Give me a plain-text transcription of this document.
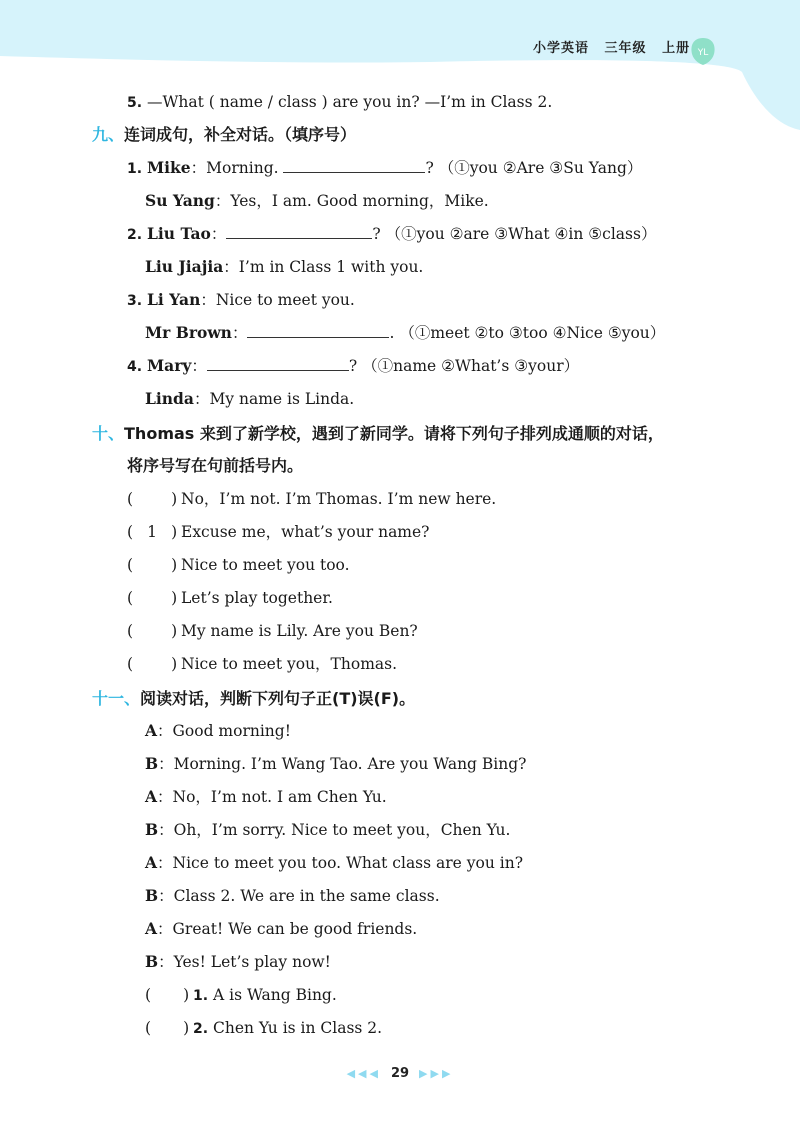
小学英语 三年级 上册 YL
5. —What ( name / class ) are you in? —I’m in Class 2.
九、连词成句，补全对话。（填序号）
1. Mike：Morning.	? （①you ②Are ③Su Yang）
Su Yang：Yes，I am. Good morning，Mike.
2. Liu Tao：	? （①you ②are ③What ④in ⑤class）
Liu Jiajia：I’m in Class 1 with you.
3. Li Yan：Nice to meet you.
Mr Brown：	. （①meet ②to ③too ④Nice ⑤you）
4. Mary：	? （①name ②What’s ③your）
Linda：My name is Linda.
十、Thomas 来到了新学校，遇到了新同学。请将下列句子排列成通顺的对话，
将序号写在句前括号内。
( ) No，I’m not. I’m Thomas. I’m new here.
( 1 ) Excuse me，what’s your name?
( ) Nice to meet you too.
( ) Let’s play together.
( ) My name is Lily. Are you Ben?
( ) Nice to meet you，Thomas.
十一、阅读对话，判断下列句子正(T)误(F)。
A：Good morning!
B：Morning. I’m Wang Tao. Are you Wang Bing?
A：No，I’m not. I am Chen Yu.
B：Oh，I’m sorry. Nice to meet you，Chen Yu.
A：Nice to meet you too. What class are you in?
B：Class 2. We are in the same class.
A：Great! We can be good friends.
B：Yes! Let’s play now!
( ) 1. A is Wang Bing.
( ) 2. Chen Yu is in Class 2.
◀◀◀ 29 ▶▶▶
